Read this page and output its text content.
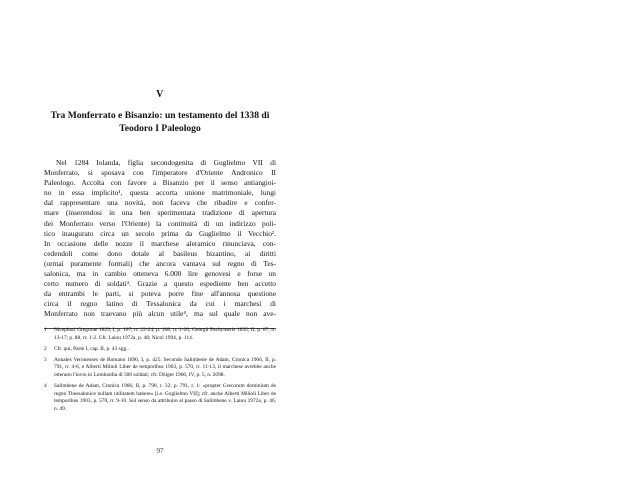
V
Tra Monferrato e Bisanzio: un testamento del 1338 di Teodoro I Paleologo

Nel 1284 Iolanda, figlia secondogenita di Guglielmo VII di
Monferrato, si sposava con l'imperatore d'Oriente Andronico II
Paleologo. Accolta con favore a Bisanzio per il senso antiangioi-
no in essa implicito¹, questa accorta unione matrimoniale, lungi
dal rappresentare una novità, non faceva che ribadire e confer-
mare (inserendosi in una ben sperimentata tradizione di apertura
dei Monferrato verso l'Oriente) la continuità di un indirizzo poli-
tico inaugurato circa un secolo prima da Guglielmo il Vecchio².
In occasione delle nozze il marchese aleramico rinunciava, con-
cedendoli come dono dotale al basileus bizantino, ai diritti
(ormai puramente formali) che ancora vantava sul regno di Tes-
salonica, ma in cambio otteneva 6.000 lire genovesi e forse un
certo numero di soldati³. Grazie a questo espediente ben accetto
da entrambi le parti, si poteva porre fine all'annosa questione
circa il regno latino di Tessalonica da cui i marchesi di
Monferrato non traevano più alcun utile⁴, ma sul quale non ave-

1 Nicephori Gregorae 1829, I, p. 167, rr. 22-24; p. 168, rr. 1-20; Georgii Pachymeris 1835, II, p. 87, rr. 13-17; p. 88, rr. 1-2. Cfr. Laiou 1972a, p. 48; Nicol 1994, p. 114.
2 Cfr. qui, Parte I, cap. II, p. 43 sgg..
3 Annales Veronenses de Romano 1890, I, p. 425. Secondo Salimbene de Adam, Cronica 1966, II, p. 791, rr. 4-6, e Alberti Milioli Liber de temporibus 1903, p. 570, rr. 11-13, il marchese avrebbe anche ottenuto l'invio in Lombardia di 500 soldati; cfr. Dölger 1960, IV, p. 5, n. 2098.
4 Salimbene de Adam, Cronica 1966, II, p. 790, r. 32; p. 791, r. 1: «propter Grecorum dominium de regno Thessalonice nullam utilitatem habere» [i.e. Guglielmo VII]; cfr. anche Alberti Milioli Liber de temporibus 1903, p. 570, rr. 9-10. Sul senso da attribuire al passo di Salimbene v. Laiou 1972a, p. 46, n. 49.
97
